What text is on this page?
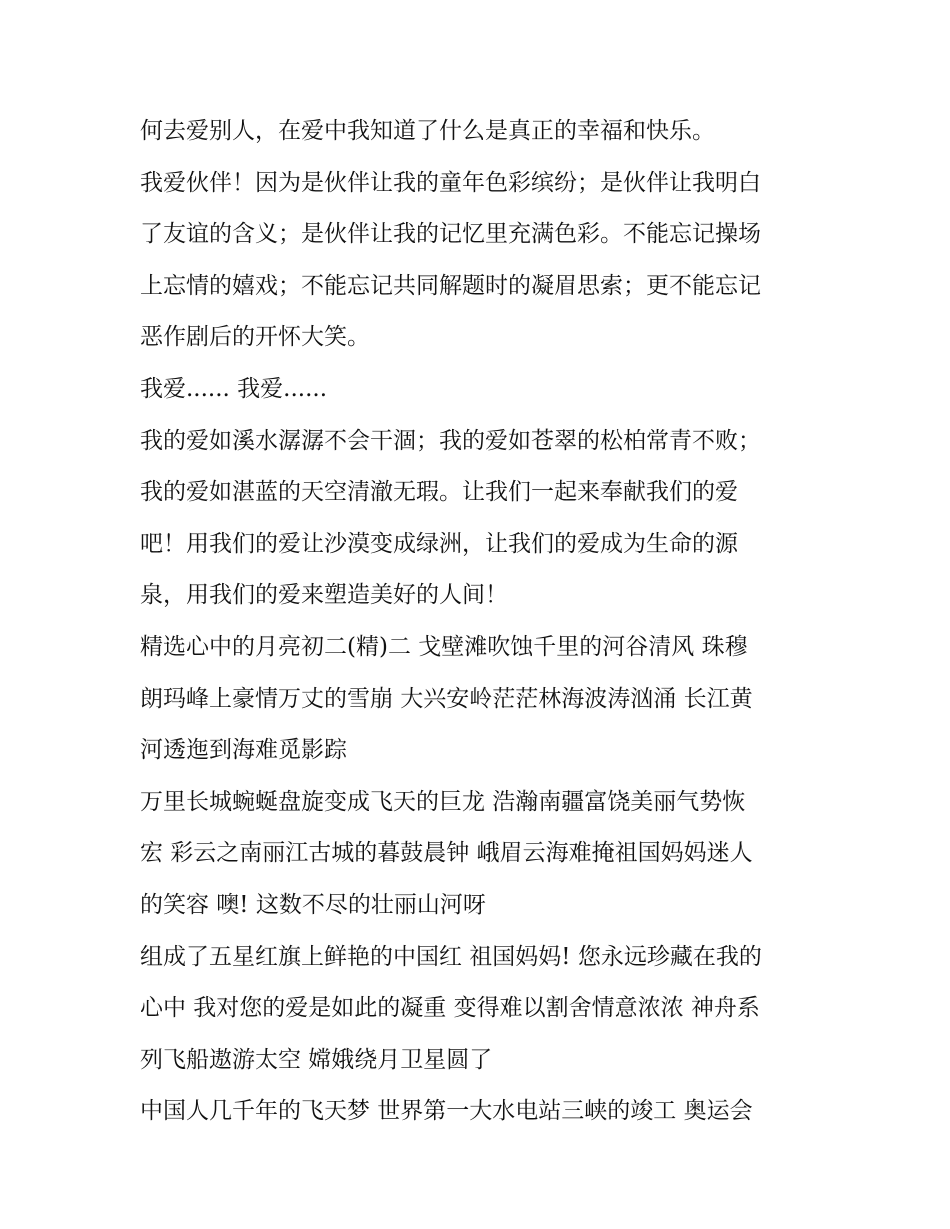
何去爱别人，在爱中我知道了什么是真正的幸福和快乐。
我爱伙伴！因为是伙伴让我的童年色彩缤纷；是伙伴让我明白
了友谊的含义；是伙伴让我的记忆里充满色彩。不能忘记操场
上忘情的嬉戏；不能忘记共同解题时的凝眉思索；更不能忘记
恶作剧后的开怀大笑。
我爱...... 我爱......
我的爱如溪水潺潺不会干涸；我的爱如苍翠的松柏常青不败；
我的爱如湛蓝的天空清澈无瑕。让我们一起来奉献我们的爱
吧！用我们的爱让沙漠变成绿洲，让我们的爱成为生命的源
泉，用我们的爱来塑造美好的人间！
精选心中的月亮初二(精)二 戈壁滩吹蚀千里的河谷清风 珠穆
朗玛峰上豪情万丈的雪崩 大兴安岭茫茫林海波涛汹涌 长江黄
河透迤到海难觅影踪
万里长城蜿蜒盘旋变成飞天的巨龙 浩瀚南疆富饶美丽气势恢
宏 彩云之南丽江古城的暮鼓晨钟 峨眉云海难掩祖国妈妈迷人
的笑容 噢! 这数不尽的壮丽山河呀
组成了五星红旗上鲜艳的中国红 祖国妈妈! 您永远珍藏在我的
心中 我对您的爱是如此的凝重 变得难以割舍情意浓浓 神舟系
列飞船遨游太空 嫦娥绕月卫星圆了
中国人几千年的飞天梦 世界第一大水电站三峡的竣工 奥运会
